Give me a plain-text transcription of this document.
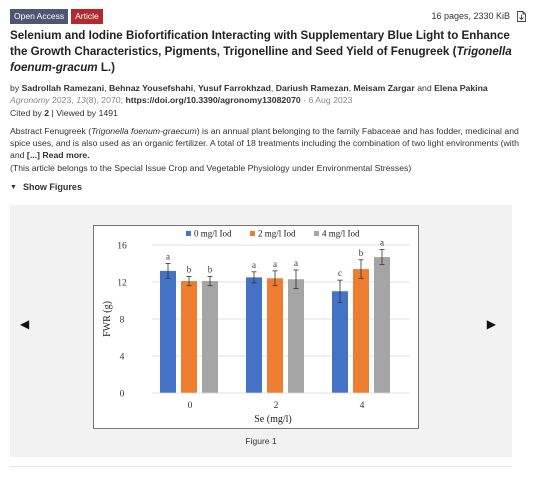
Open Access	Article	16 pages, 2330 KiB
Selenium and Iodine Biofortification Interacting with Supplementary Blue Light to Enhance the Growth Characteristics, Pigments, Trigonelline and Seed Yield of Fenugreek (Trigonella foenum-gracum L.)
by Sadrollah Ramezani, Behnaz Yousefshahi, Yusuf Farrokhzad, Dariush Ramezan, Meisam Zargar and Elena Pakina
Agronomy 2023, 13(8), 2070; https://doi.org/10.3390/agronomy13082070 - 6 Aug 2023
Cited by 2 | Viewed by 1491
Abstract Fenugreek (Trigonella foenum-graecum) is an annual plant belonging to the family Fabaceae and has fodder, medicinal and spice uses, and is also used as an organic fertilizer. A total of 18 treatments including the combination of two light environments (with and [...] Read more.
(This article belongs to the Special Issue Crop and Vegetable Physiology under Environmental Stresses)
▼ Show Figures
◀	▶
0 mg/l Iod	2 mg/l Iod	4 mg/l Iod
a
b b	a a a
c
b
a
0
4
8
12
16
0	2	4
FWR (g)
Se (mg/l)
Figure 1
